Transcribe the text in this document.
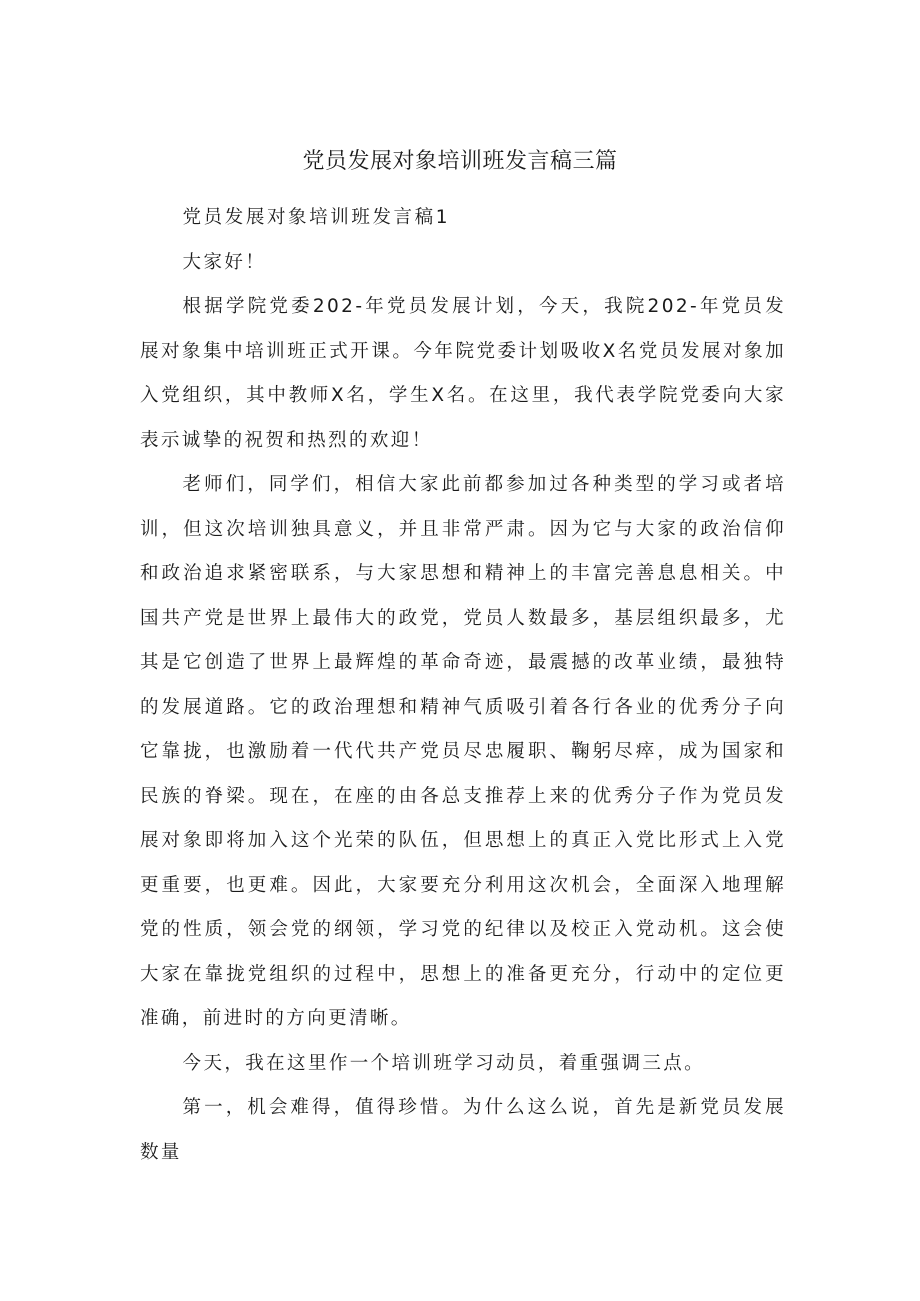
党员发展对象培训班发言稿三篇

党员发展对象培训班发言稿1

大家好！

根据学院党委202-年党员发展计划，今天，我院202-年党员发展对象集中培训班正式开课。今年院党委计划吸收X名党员发展对象加入党组织，其中教师X名，学生X名。在这里，我代表学院党委向大家表示诚挚的祝贺和热烈的欢迎！

老师们，同学们，相信大家此前都参加过各种类型的学习或者培训，但这次培训独具意义，并且非常严肃。因为它与大家的政治信仰和政治追求紧密联系，与大家思想和精神上的丰富完善息息相关。中国共产党是世界上最伟大的政党，党员人数最多，基层组织最多，尤其是它创造了世界上最辉煌的革命奇迹，最震撼的改革业绩，最独特的发展道路。它的政治理想和精神气质吸引着各行各业的优秀分子向它靠拢，也激励着一代代共产党员尽忠履职、鞠躬尽瘁，成为国家和民族的脊梁。现在，在座的由各总支推荐上来的优秀分子作为党员发展对象即将加入这个光荣的队伍，但思想上的真正入党比形式上入党更重要，也更难。因此，大家要充分利用这次机会，全面深入地理解党的性质，领会党的纲领，学习党的纪律以及校正入党动机。这会使大家在靠拢党组织的过程中，思想上的准备更充分，行动中的定位更准确，前进时的方向更清晰。

今天，我在这里作一个培训班学习动员，着重强调三点。

第一，机会难得，值得珍惜。为什么这么说，首先是新党员发展数量
